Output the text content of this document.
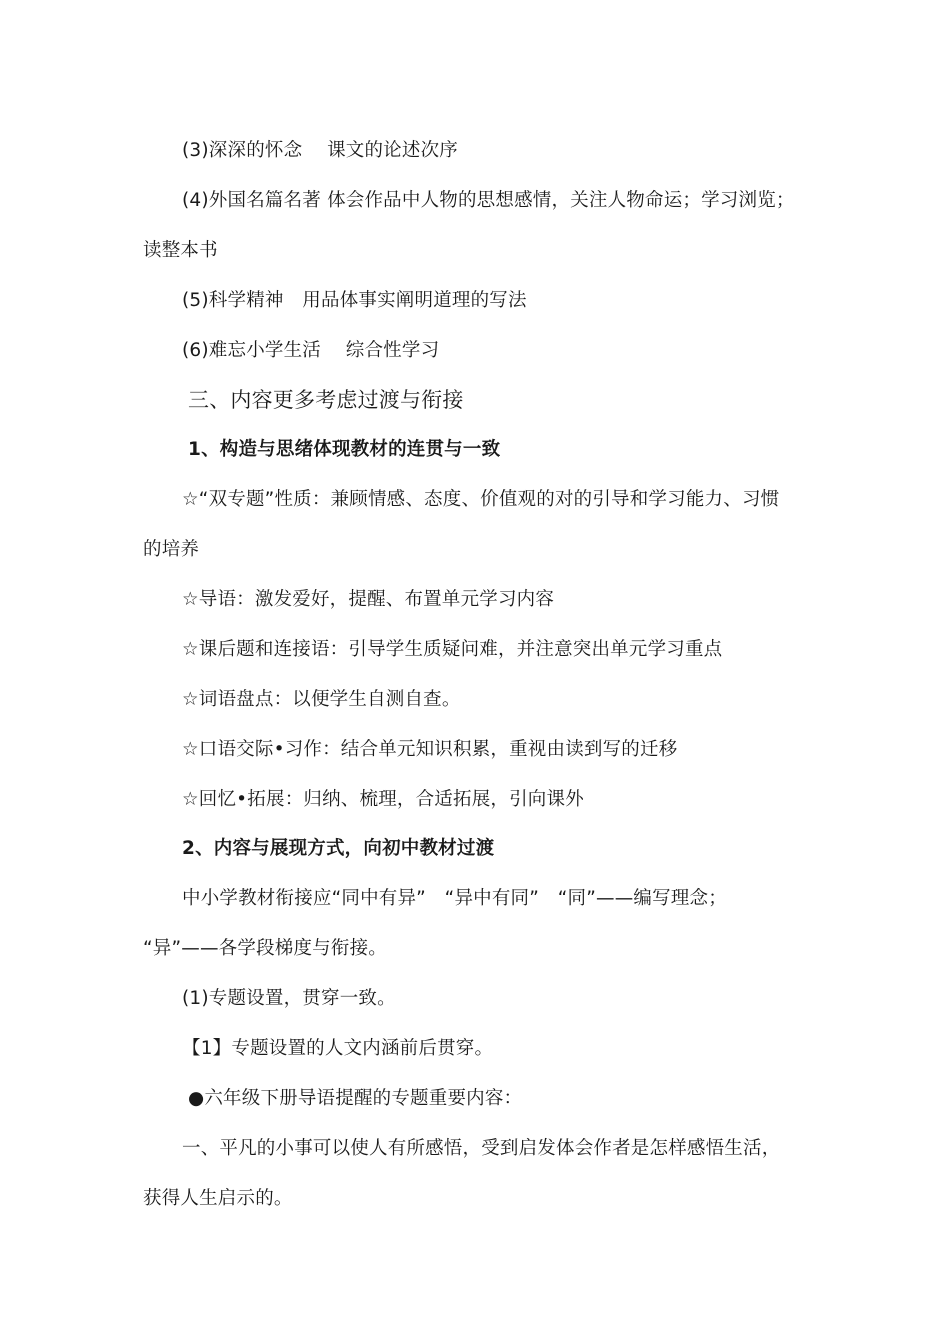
(3)深深的怀念　 课文的论述次序
(4)外国名篇名著 体会作品中人物的思想感情，关注人物命运；学习浏览；
读整本书
(5)科学精神　用品体事实阐明道理的写法
(6)难忘小学生活　 综合性学习
三、内容更多考虑过渡与衔接
1、构造与思绪体现教材的连贯与一致
☆“双专题”性质：兼顾情感、态度、价值观的对的引导和学习能力、习惯
的培养
☆导语：激发爱好，提醒、布置单元学习内容
☆课后题和连接语：引导学生质疑问难，并注意突出单元学习重点
☆词语盘点：以便学生自测自查。
☆口语交际•习作：结合单元知识积累，重视由读到写的迁移
☆回忆•拓展：归纳、梳理，合适拓展，引向课外
2、内容与展现方式，向初中教材过渡
中小学教材衔接应“同中有异”　“异中有同”　“同”——编写理念；
“异”——各学段梯度与衔接。
(1)专题设置，贯穿一致。
【1】专题设置的人文内涵前后贯穿。
●六年级下册导语提醒的专题重要内容：
一、平凡的小事可以使人有所感悟，受到启发体会作者是怎样感悟生活，
获得人生启示的。
